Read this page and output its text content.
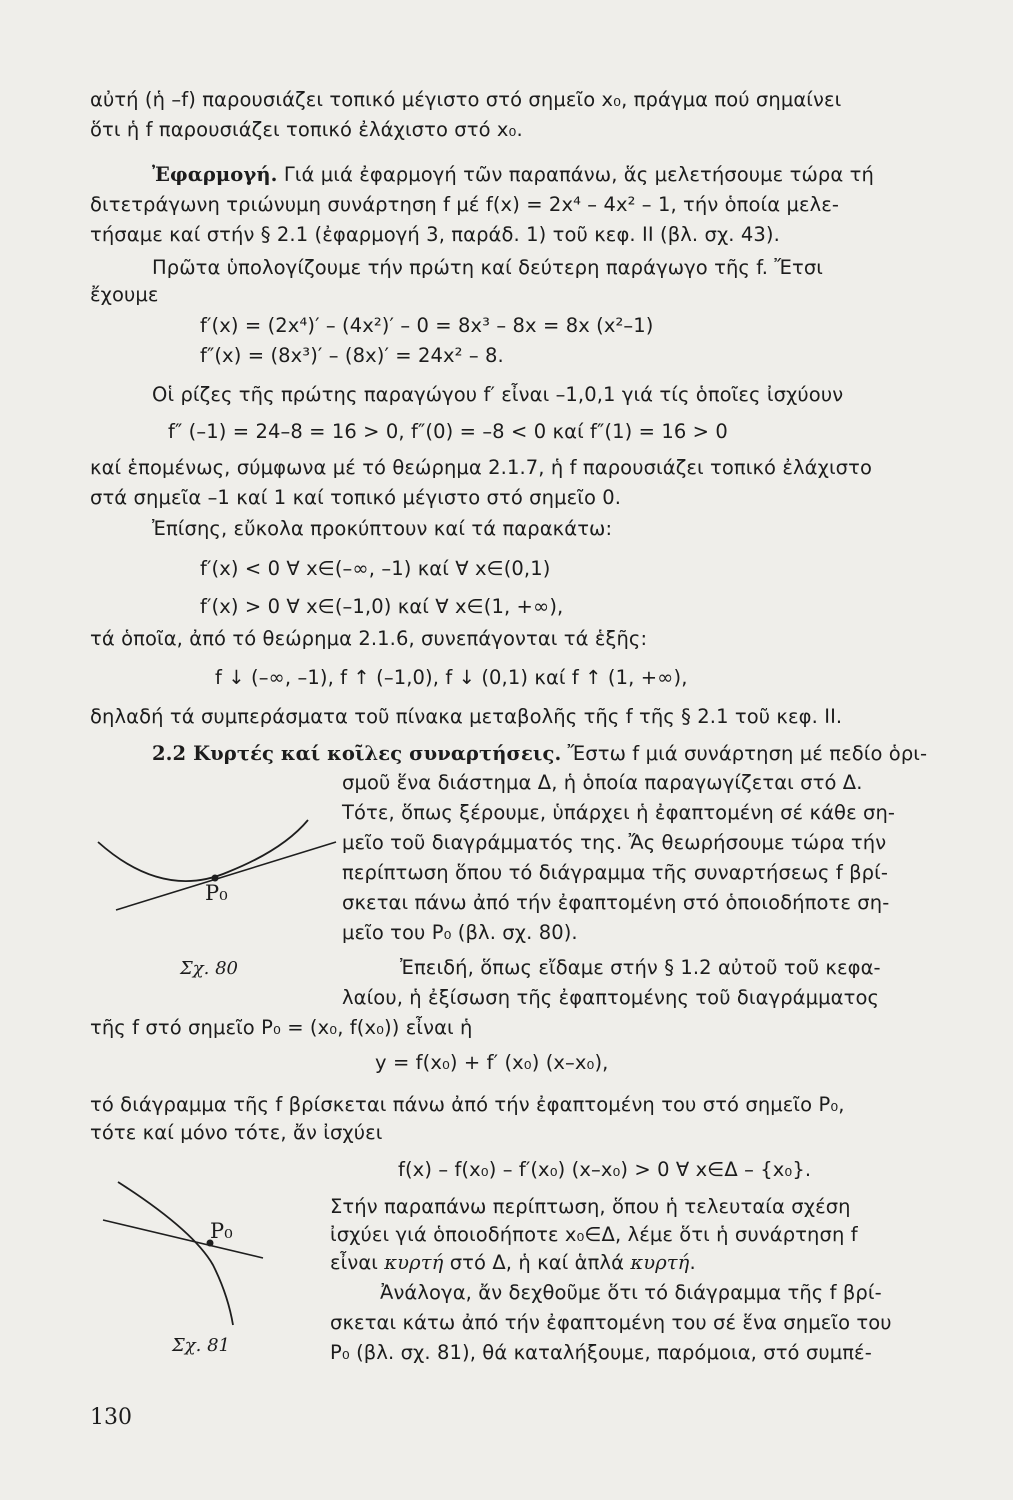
αὐτή (ἡ –f) παρουσιάζει τοπικό μέγιστο στό σημεῖο x₀, πράγμα πού σημαίνει
ὅτι ἡ f παρουσιάζει τοπικό ἐλάχιστο στό x₀.
Ἐφαρμογή. Γιά μιά ἐφαρμογή τῶν παραπάνω, ἅς μελετήσουμε τώρα τή
διτετράγωνη τριώνυμη συνάρτηση f μέ f(x) = 2x⁴ – 4x² – 1, τήν ὁποία μελε-
τήσαμε καί στήν § 2.1 (ἐφαρμογή 3, παράδ. 1) τοῦ κεφ. ΙΙ (βλ. σχ. 43).
Πρῶτα ὑπολογίζουμε τήν πρώτη καί δεύτερη παράγωγο τῆς f. Ἔτσι
ἔχουμε
f′(x) = (2x⁴)′ – (4x²)′ – 0 = 8x³ – 8x = 8x (x²–1)
f″(x) = (8x³)′ – (8x)′ = 24x² – 8.
Οἱ ρίζες τῆς πρώτης παραγώγου f′ εἶναι –1,0,1 γιά τίς ὁποῖες ἰσχύουν
f″ (–1) = 24–8 = 16 > 0, f″(0) = –8 < 0 καί f″(1) = 16 > 0
καί ἑπομένως, σύμφωνα μέ τό θεώρημα 2.1.7, ἡ f παρουσιάζει τοπικό ἐλάχιστο
στά σημεῖα –1 καί 1 καί τοπικό μέγιστο στό σημεῖο 0.
Ἐπίσης, εὔκολα προκύπτουν καί τά παρακάτω:
f′(x) < 0 ∀ x∈(–∞, –1) καί ∀ x∈(0,1)
f′(x) > 0 ∀ x∈(–1,0) καί ∀ x∈(1, +∞),
τά ὁποῖα, ἀπό τό θεώρημα 2.1.6, συνεπάγονται τά ἑξῆς:
f ↓ (–∞, –1), f ↑ (–1,0), f ↓ (0,1) καί f ↑ (1, +∞),
δηλαδή τά συμπεράσματα τοῦ πίνακα μεταβολῆς τῆς f τῆς § 2.1 τοῦ κεφ. ΙΙ.
2.2 Κυρτές καί κοῖλες συναρτήσεις. Ἔστω f μιά συνάρτηση μέ πεδίο ὁρι-
σμοῦ ἕνα διάστημα Δ, ἡ ὁποία παραγωγίζεται στό Δ.
Τότε, ὅπως ξέρουμε, ὑπάρχει ἡ ἐφαπτομένη σέ κάθε ση-
μεῖο τοῦ διαγράμματός της. Ἄς θεωρήσουμε τώρα τήν
περίπτωση ὅπου τό διάγραμμα τῆς συναρτήσεως f βρί-
σκεται πάνω ἀπό τήν ἐφαπτομένη στό ὁποιοδήποτε ση-
μεῖο του P₀ (βλ. σχ. 80).
Ἐπειδή, ὅπως εἴδαμε στήν § 1.2 αὐτοῦ τοῦ κεφα-
λαίου, ἡ ἐξίσωση τῆς ἐφαπτομένης τοῦ διαγράμματος
τῆς f στό σημεῖο P₀ = (x₀, f(x₀)) εἶναι ἡ
y = f(x₀) + f′ (x₀) (x–x₀),
τό διάγραμμα τῆς f βρίσκεται πάνω ἀπό τήν ἐφαπτομένη του στό σημεῖο P₀,
τότε καί μόνο τότε, ἄν ἰσχύει
f(x) – f(x₀) – f′(x₀) (x–x₀) > 0 ∀ x∈Δ – {x₀}.
Στήν παραπάνω περίπτωση, ὅπου ἡ τελευταία σχέση
ἰσχύει γιά ὁποιοδήποτε x₀∈Δ, λέμε ὅτι ἡ συνάρτηση f
εἶναι κυρτή στό Δ, ἡ καί ἁπλά κυρτή.
Ἀνάλογα, ἄν δεχθοῦμε ὅτι τό διάγραμμα τῆς f βρί-
σκεται κάτω ἀπό τήν ἐφαπτομένη του σέ ἕνα σημεῖο του
P₀ (βλ. σχ. 81), θά καταλήξουμε, παρόμοια, στό συμπέ-
P₀
Σχ. 80
P₀
Σχ. 81
130
